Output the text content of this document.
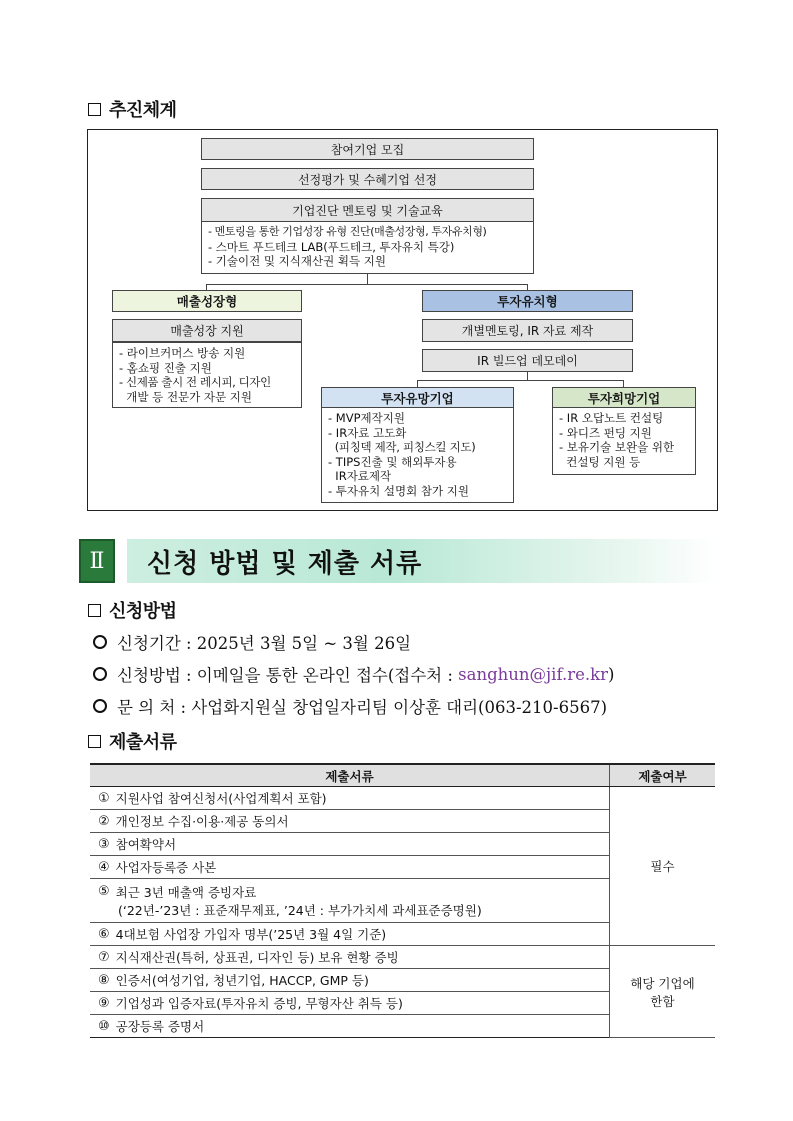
추진체계
참여기업 모집
선정평가 및 수혜기업 선정
기업진단 멘토링 및 기술교육
- 멘토링을 통한 기업성장 유형 진단(매출성장형, 투자유치형)
- 스마트 푸드테크 LAB(푸드테크, 투자유치 특강)
- 기술이전 및 지식재산권 획득 지원
매출성장형
매출성장 지원
- 라이브커머스 방송 지원
- 홈쇼핑 진출 지원
- 신제품 출시 전 레시피, 디자인
개발 등 전문가 자문 지원
투자유치형
개별멘토링, IR 자료 제작
IR 빌드업 데모데이
투자유망기업
- MVP제작지원
- IR자료 고도화
(피칭덱 제작, 피칭스킬 지도)
- TIPS진출 및 해외투자용
IR자료제작
- 투자유치 설명회 참가 지원
투자희망기업
- IR 오답노트 컨설팅
- 와디즈 펀딩 지원
- 보유기술 보완을 위한
컨설팅 지원 등
Ⅱ	신청 방법 및 제출 서류
신청방법
신청기간 : 2025년 3월 5일 ~ 3월 26일
신청방법 : 이메일을 통한 온라인 접수(접수처 : sanghun@jif.re.kr )
문 의 처 : 사업화지원실 창업일자리팀 이상훈 대리(063-210-6567)
제출서류
제출서류	제출여부
① 지원사업 참여신청서(사업계획서 포함)	필수
② 개인정보 수집·이용·제공 동의서	
③ 참여확약서	
④ 사업자등록증 사본	

⑤ 최근 3년 매출액 증빙자료
(‘22년-’23년 : 표준재무제표, ’24년 : 부가가치세 과세표준증명원)	

⑥ 4대보험 사업장 가입자 명부(’25년 3월 4일 기준)	
⑦ 지식재산권(특허, 상표권, 디자인 등) 보유 현황 증빙	해당 기업에
한함

⑧ 인증서(여성기업, 청년기업, HACCP, GMP 등)	
⑨ 기업성과 입증자료(투자유치 증빙, 무형자산 취득 등)	
⑩ 공장등록 증명서	
